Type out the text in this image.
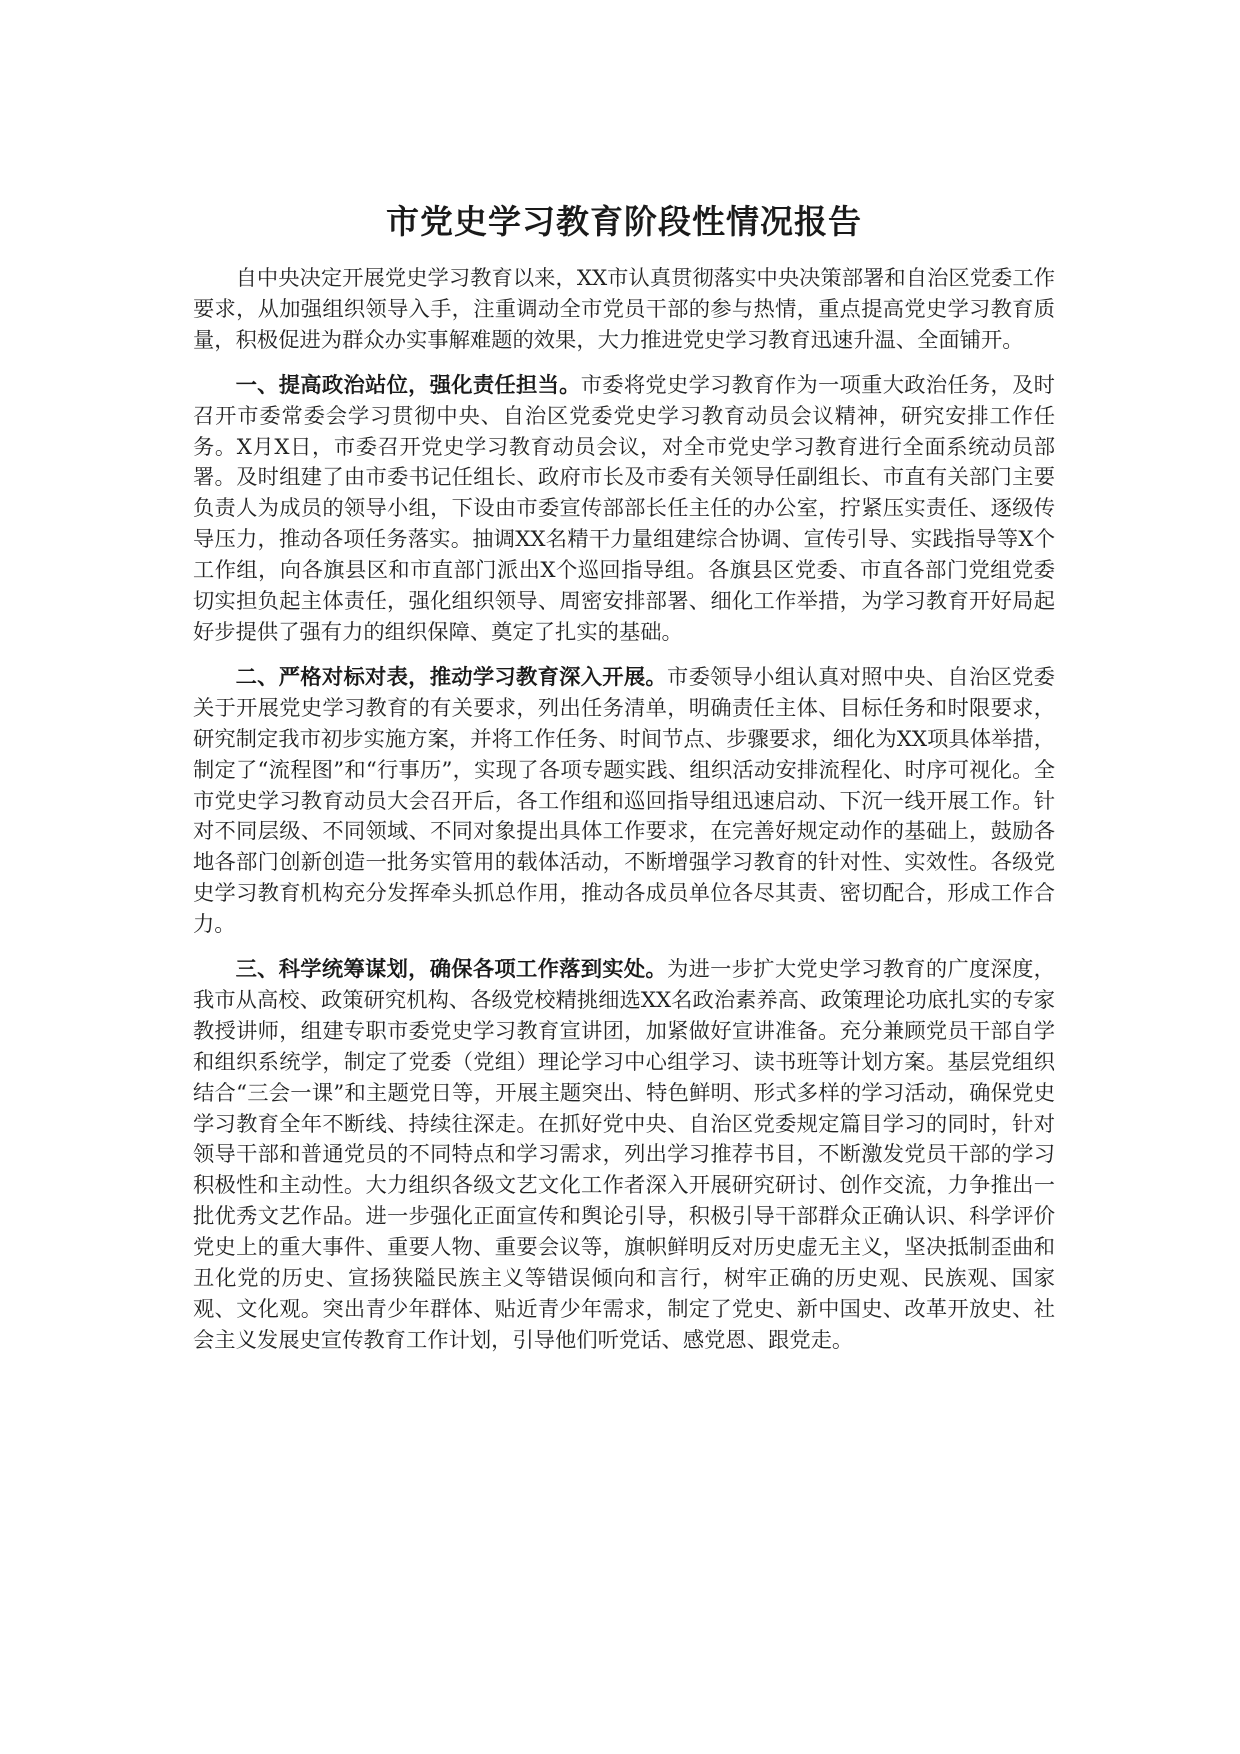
市党史学习教育阶段性情况报告

自中央决定开展党史学习教育以来，XX市认真贯彻落实中央决策部署和自治区党委工作要求，从加强组织领导入手，注重调动全市党员干部的参与热情，重点提高党史学习教育质量，积极促进为群众办实事解难题的效果，大力推进党史学习教育迅速升温、全面铺开。

一、提高政治站位，强化责任担当。市委将党史学习教育作为一项重大政治任务，及时召开市委常委会学习贯彻中央、自治区党委党史学习教育动员会议精神，研究安排工作任务。X月X日，市委召开党史学习教育动员会议，对全市党史学习教育进行全面系统动员部署。及时组建了由市委书记任组长、政府市长及市委有关领导任副组长、市直有关部门主要负责人为成员的领导小组，下设由市委宣传部部长任主任的办公室，拧紧压实责任、逐级传导压力，推动各项任务落实。抽调XX名精干力量组建综合协调、宣传引导、实践指导等X个工作组，向各旗县区和市直部门派出X个巡回指导组。各旗县区党委、市直各部门党组党委切实担负起主体责任，强化组织领导、周密安排部署、细化工作举措，为学习教育开好局起好步提供了强有力的组织保障、奠定了扎实的基础。

二、严格对标对表，推动学习教育深入开展。市委领导小组认真对照中央、自治区党委关于开展党史学习教育的有关要求，列出任务清单，明确责任主体、目标任务和时限要求，研究制定我市初步实施方案，并将工作任务、时间节点、步骤要求，细化为XX项具体举措，制定了“流程图”和“行事历”，实现了各项专题实践、组织活动安排流程化、时序可视化。全市党史学习教育动员大会召开后，各工作组和巡回指导组迅速启动、下沉一线开展工作。针对不同层级、不同领域、不同对象提出具体工作要求，在完善好规定动作的基础上，鼓励各地各部门创新创造一批务实管用的载体活动，不断增强学习教育的针对性、实效性。各级党史学习教育机构充分发挥牵头抓总作用，推动各成员单位各尽其责、密切配合，形成工作合力。

三、科学统筹谋划，确保各项工作落到实处。为进一步扩大党史学习教育的广度深度，我市从高校、政策研究机构、各级党校精挑细选XX名政治素养高、政策理论功底扎实的专家教授讲师，组建专职市委党史学习教育宣讲团，加紧做好宣讲准备。充分兼顾党员干部自学和组织系统学，制定了党委（党组）理论学习中心组学习、读书班等计划方案。基层党组织结合“三会一课”和主题党日等，开展主题突出、特色鲜明、形式多样的学习活动，确保党史学习教育全年不断线、持续往深走。在抓好党中央、自治区党委规定篇目学习的同时，针对领导干部和普通党员的不同特点和学习需求，列出学习推荐书目，不断激发党员干部的学习积极性和主动性。大力组织各级文艺文化工作者深入开展研究研讨、创作交流，力争推出一批优秀文艺作品。进一步强化正面宣传和舆论引导，积极引导干部群众正确认识、科学评价党史上的重大事件、重要人物、重要会议等，旗帜鲜明反对历史虚无主义，坚决抵制歪曲和丑化党的历史、宣扬狭隘民族主义等错误倾向和言行，树牢正确的历史观、民族观、国家观、文化观。突出青少年群体、贴近青少年需求，制定了党史、新中国史、改革开放史、社会主义发展史宣传教育工作计划，引导他们听党话、感党恩、跟党走。
